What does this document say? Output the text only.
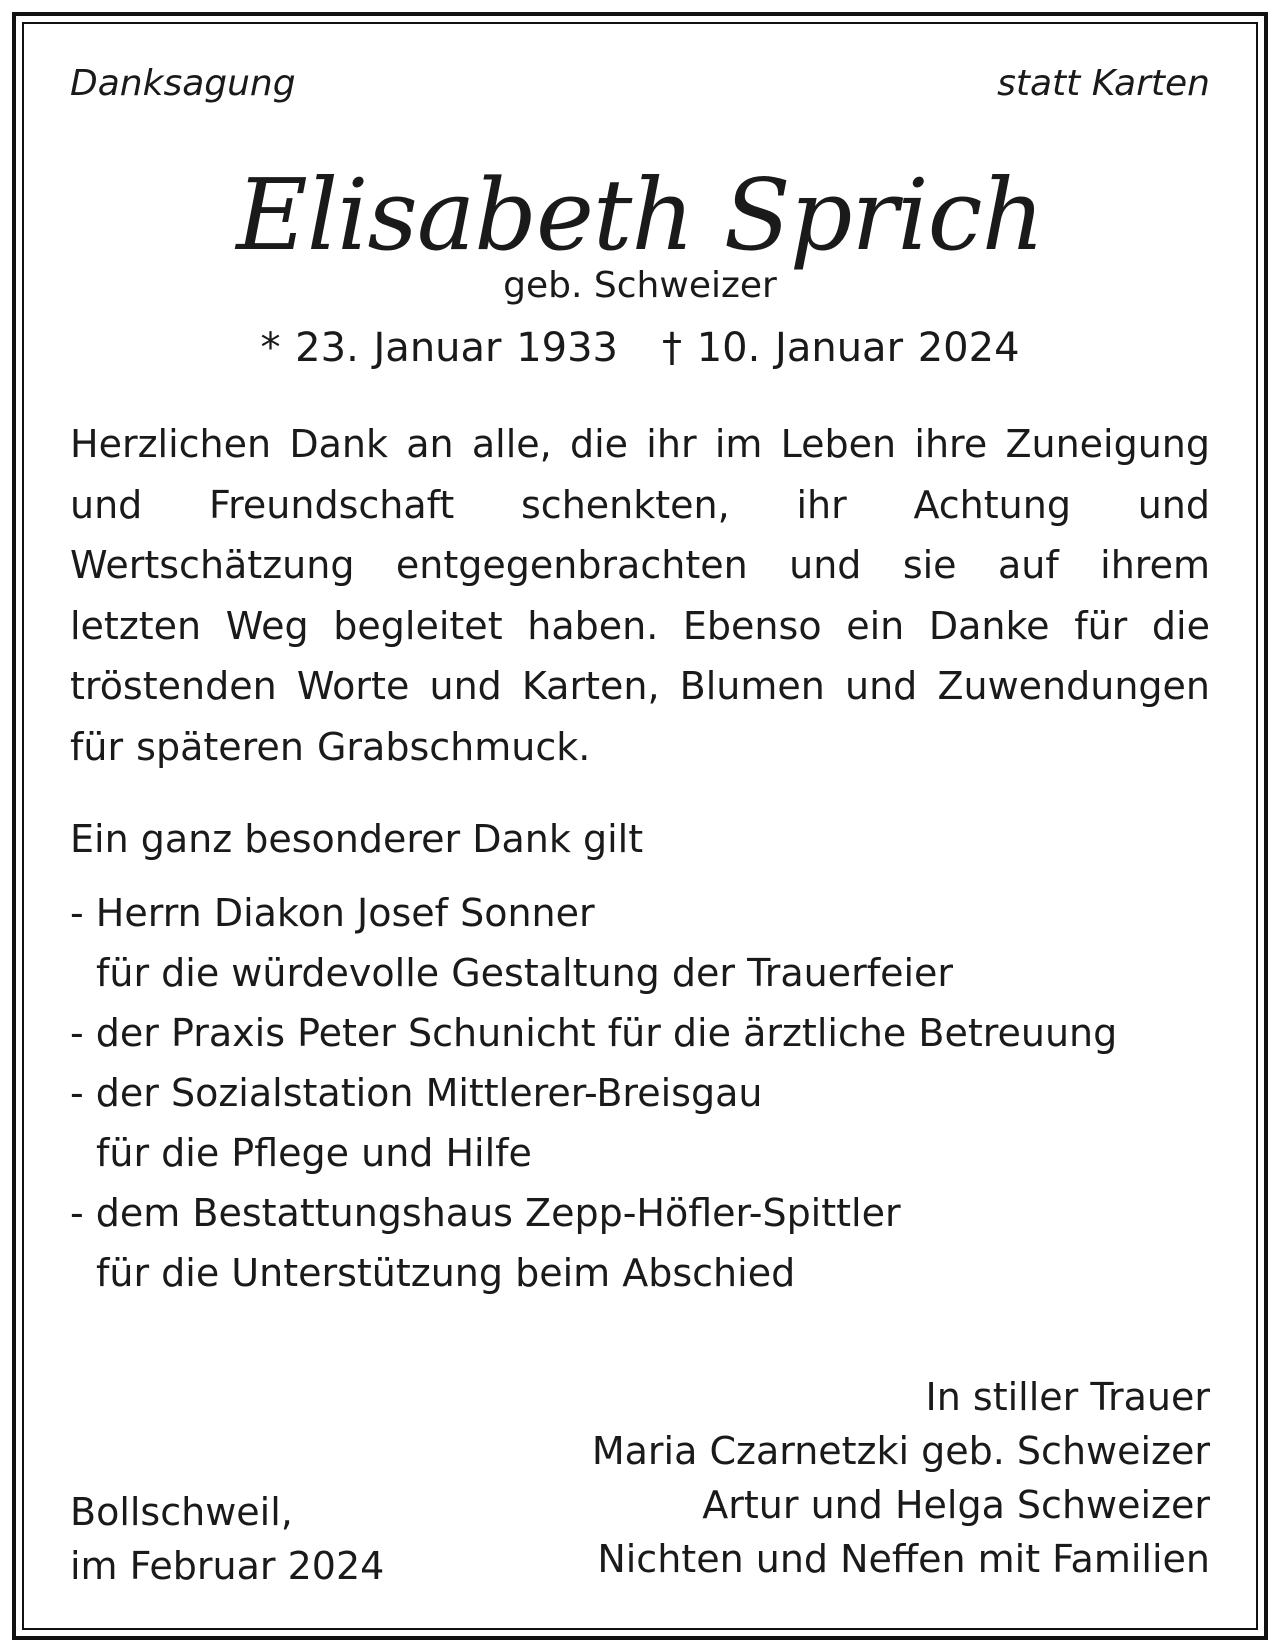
Danksagung	statt Karten
Elisabeth Sprich
geb. Schweizer
* 23. Januar 1933 † 10. Januar 2024
Herzlichen Dank an alle, die ihr im Leben ihre Zuneigung und Freundschaft schenkten, ihr Achtung und Wertschätzung entgegenbrachten und sie auf ihrem letzten Weg begleitet haben. Ebenso ein Danke für die tröstenden Worte und Karten, Blumen und Zuwendungen für späteren Grabschmuck.
Ein ganz besonderer Dank gilt
- Herrn Diakon Josef Sonner
für die würdevolle Gestaltung der Trauerfeier
- der Praxis Peter Schunicht für die ärztliche Betreuung
- der Sozialstation Mittlerer-Breisgau
für die Pflege und Hilfe
- dem Bestattungshaus Zepp-Höfler-Spittler
für die Unterstützung beim Abschied
In stiller Trauer
Maria Czarnetzki geb. Schweizer
Artur und Helga Schweizer
Nichten und Neffen mit Familien
Bollschweil,
im Februar 2024
